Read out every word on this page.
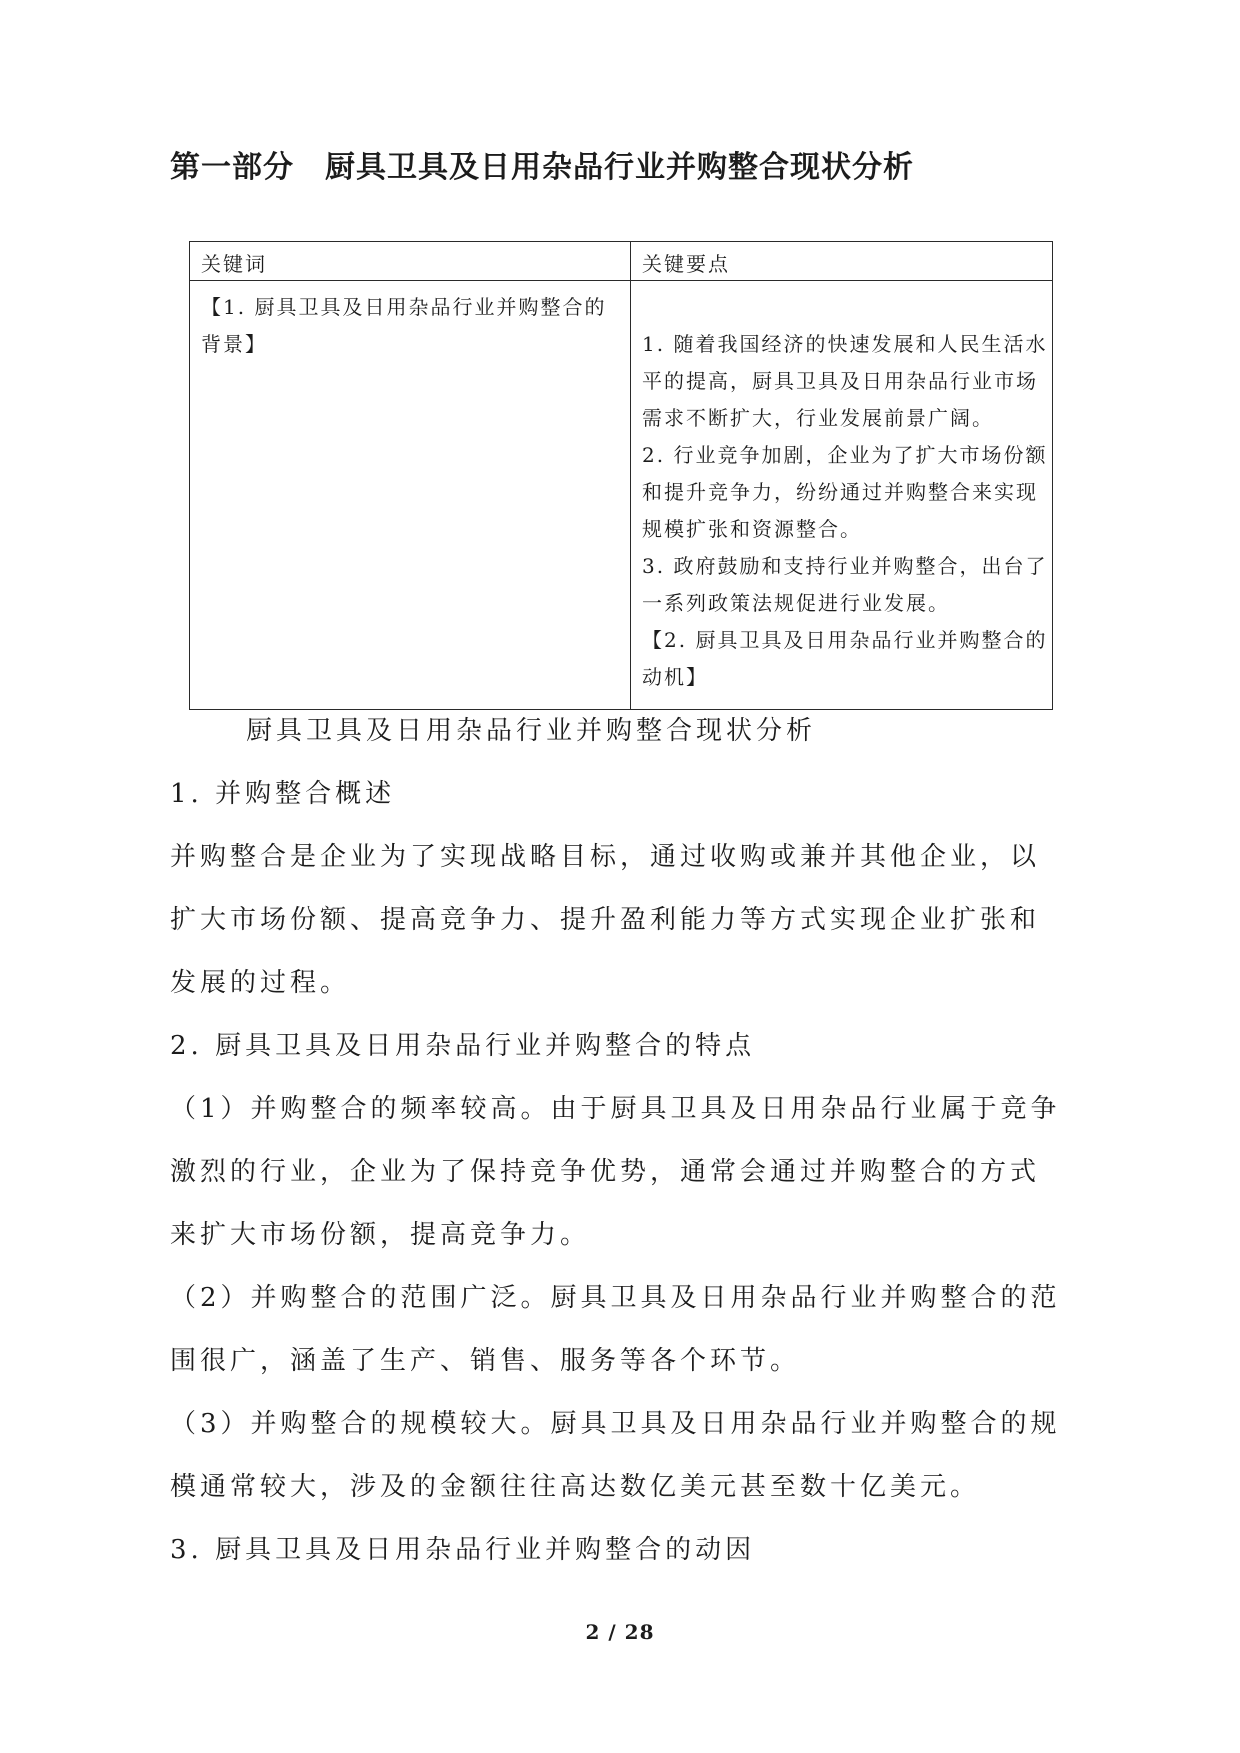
第一部分　厨具卫具及日用杂品行业并购整合现状分析
关键词	关键要点

【1. 厨具卫具及日用杂品行业并购整合的
背景】	1. 随着我国经济的快速发展和人民生活水
平的提高，厨具卫具及日用杂品行业市场
需求不断扩大，行业发展前景广阔。
2. 行业竞争加剧，企业为了扩大市场份额
和提升竞争力，纷纷通过并购整合来实现
规模扩张和资源整合。
3. 政府鼓励和支持行业并购整合，出台了
一系列政策法规促进行业发展。
【2. 厨具卫具及日用杂品行业并购整合的
动机】
厨具卫具及日用杂品行业并购整合现状分析
1. 并购整合概述
并购整合是企业为了实现战略目标，通过收购或兼并其他企业，以
扩大市场份额、提高竞争力、提升盈利能力等方式实现企业扩张和
发展的过程。
2. 厨具卫具及日用杂品行业并购整合的特点
（1）并购整合的频率较高。由于厨具卫具及日用杂品行业属于竞争
激烈的行业，企业为了保持竞争优势，通常会通过并购整合的方式
来扩大市场份额，提高竞争力。
（2）并购整合的范围广泛。厨具卫具及日用杂品行业并购整合的范
围很广，涵盖了生产、销售、服务等各个环节。
（3）并购整合的规模较大。厨具卫具及日用杂品行业并购整合的规
模通常较大，涉及的金额往往高达数亿美元甚至数十亿美元。
3. 厨具卫具及日用杂品行业并购整合的动因
2 / 28
